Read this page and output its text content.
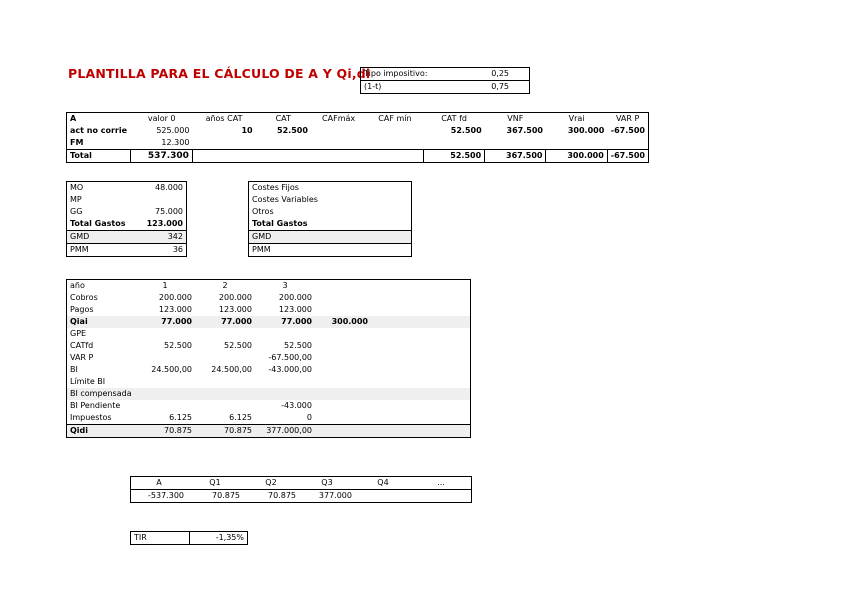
PLANTILLA PARA EL CÁLCULO DE A Y Qi,di
Tipo impositivo:	0,25
(1-t)	0,75
A	valor 0	años CAT	CAT	CAFmáx	CAF mín	CAT fd	VNF	Vrai	VAR P
act no corrie	525.000	10	52.500			52.500	367.500	300.000	-67.500
FM	12.300								
Total	537.300					52.500	367.500	300.000	-67.500
MO	48.000
MP	
GG	75.000
Total Gastos	123.000
GMD	342
PMM	36
Costes Fijos
Costes Variables
Otros
Total Gastos
GMD
PMM
año	1	2	3		
Cobros	200.000	200.000	200.000		
Pagos	123.000	123.000	123.000		
Qiai	77.000	77.000	77.000	300.000	
GPE					
CATfd	52.500	52.500	52.500		
VAR P			-67.500,00		
BI	24.500,00	24.500,00	-43.000,00		
Límite BI					
BI compensada					
BI Pendiente			-43.000		
Impuestos	6.125	6.125	0		
Qidi	70.875	70.875	377.000,00		
A	Q1	Q2	Q3	Q4	...
-537.300	70.875	70.875	377.000		
TIR	-1,35%
